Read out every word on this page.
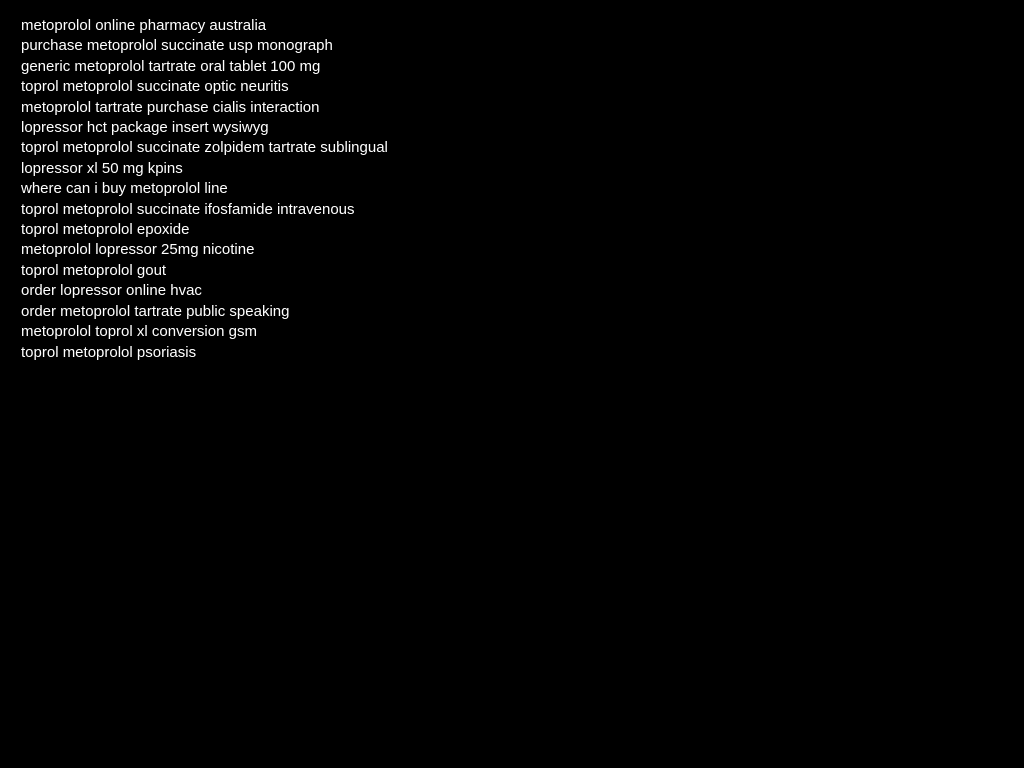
metoprolol online pharmacy australia
purchase metoprolol succinate usp monograph
generic metoprolol tartrate oral tablet 100 mg
toprol metoprolol succinate optic neuritis
metoprolol tartrate purchase cialis interaction
lopressor hct package insert wysiwyg
toprol metoprolol succinate zolpidem tartrate sublingual
lopressor xl 50 mg kpins
where can i buy metoprolol line
toprol metoprolol succinate ifosfamide intravenous
toprol metoprolol epoxide
metoprolol lopressor 25mg nicotine
toprol metoprolol gout
order lopressor online hvac
order metoprolol tartrate public speaking
metoprolol toprol xl conversion gsm
toprol metoprolol psoriasis
